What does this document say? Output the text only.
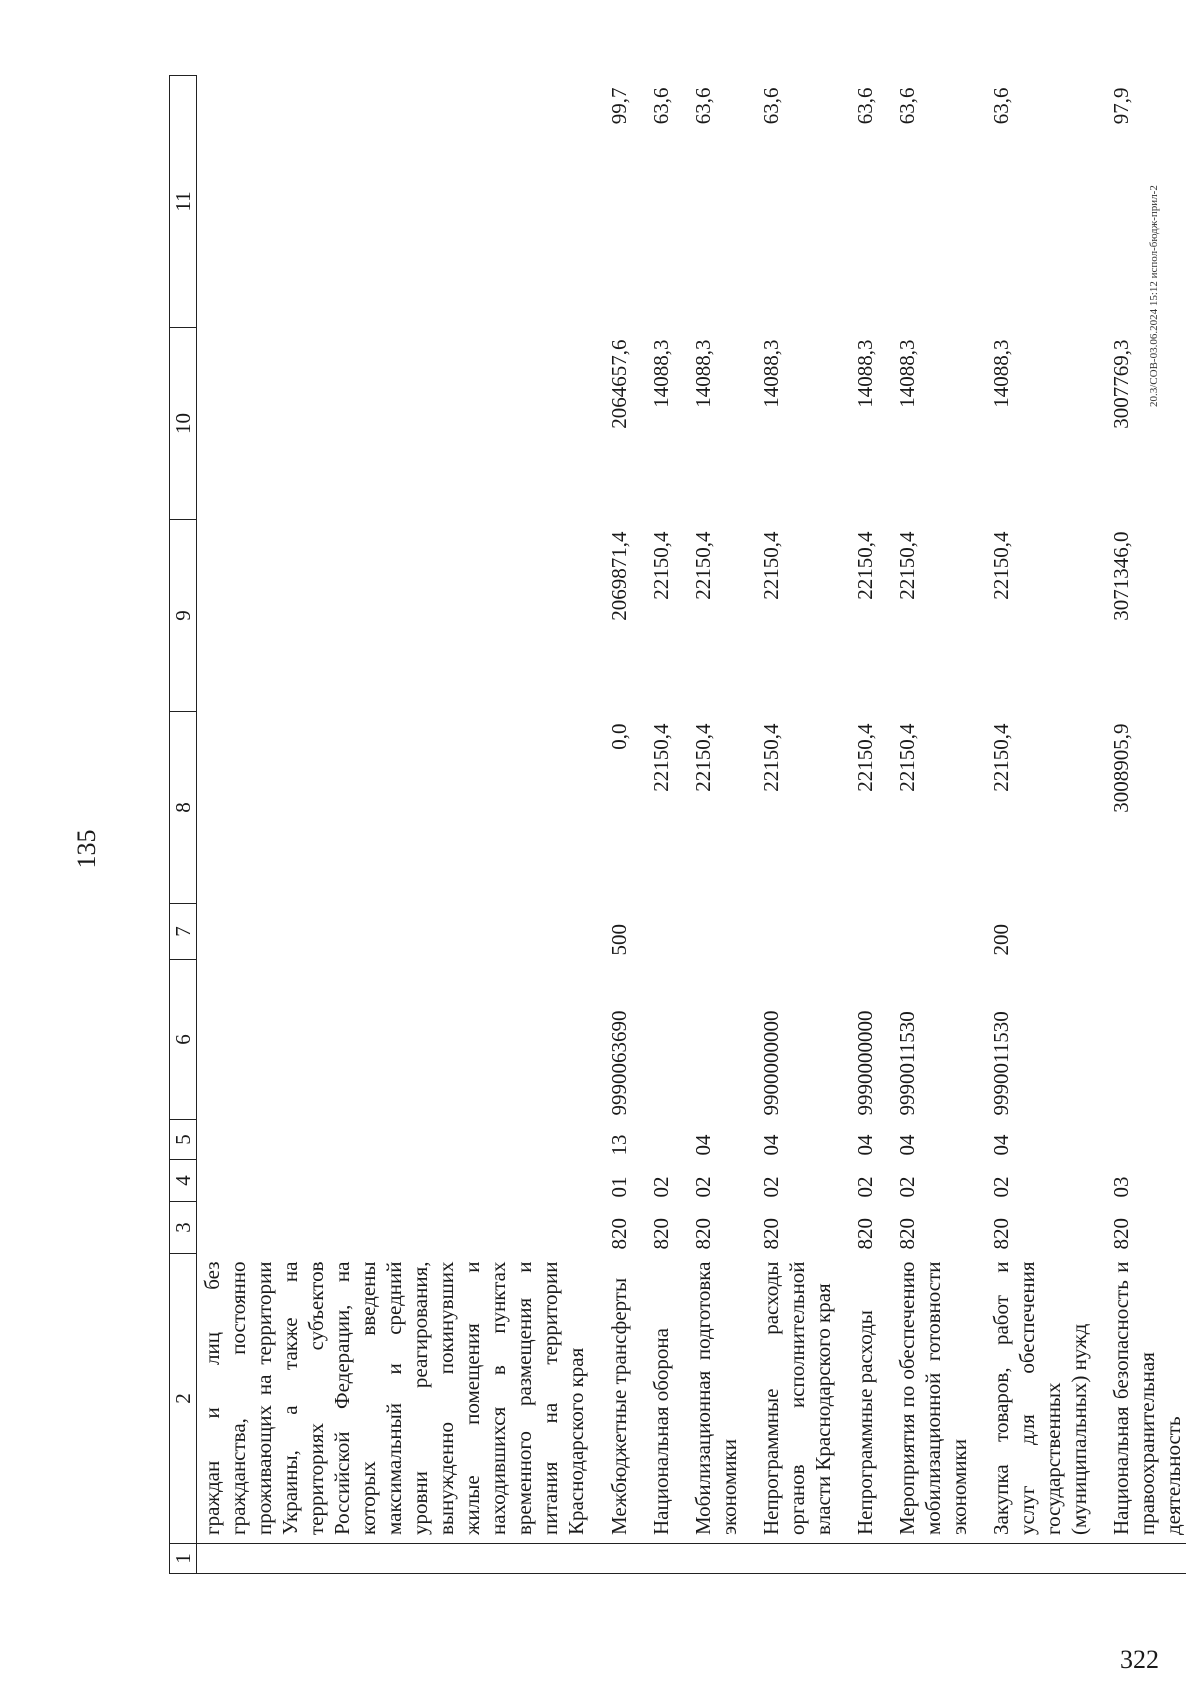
135
1	2	3	4	5	6	7	8	9	10	11
	граждан и лиц без гражданства, постоянно проживающих на территории Украины, а также на территориях субъектов Российской Федерации, на которых введены максимальный и средний уровни реагирования, вынужденно покинувших жилые помещения и находившихся в пунктах временного размещения и питания на территории Краснодарского края									
	Межбюджетные трансферты	820	01	13	9990063690	500	0,0	2069871,4	2064657,6	99,7
	Национальная оборона	820	02				22150,4	22150,4	14088,3	63,6
	Мобилизационная подготовка экономики	820	02	04			22150,4	22150,4	14088,3	63,6
	Непрограммные расходы органов исполнительной власти Краснодарского края	820	02	04	9900000000		22150,4	22150,4	14088,3	63,6
	Непрограммные расходы	820	02	04	9990000000		22150,4	22150,4	14088,3	63,6
	Мероприятия по обеспечению мобилизационной готовности экономики	820	02	04	9990011530		22150,4	22150,4	14088,3	63,6
	Закупка товаров, работ и услуг для обеспечения государственных (муниципальных) нужд	820	02	04	9990011530	200	22150,4	22150,4	14088,3	63,6
	Национальная безопасность и правоохранительная деятельность	820	03				3008905,9	3071346,0	3007769,3	97,9
20.3/СОВ-03.06.2024 15:12 испол-бюдж-прил-2
322
